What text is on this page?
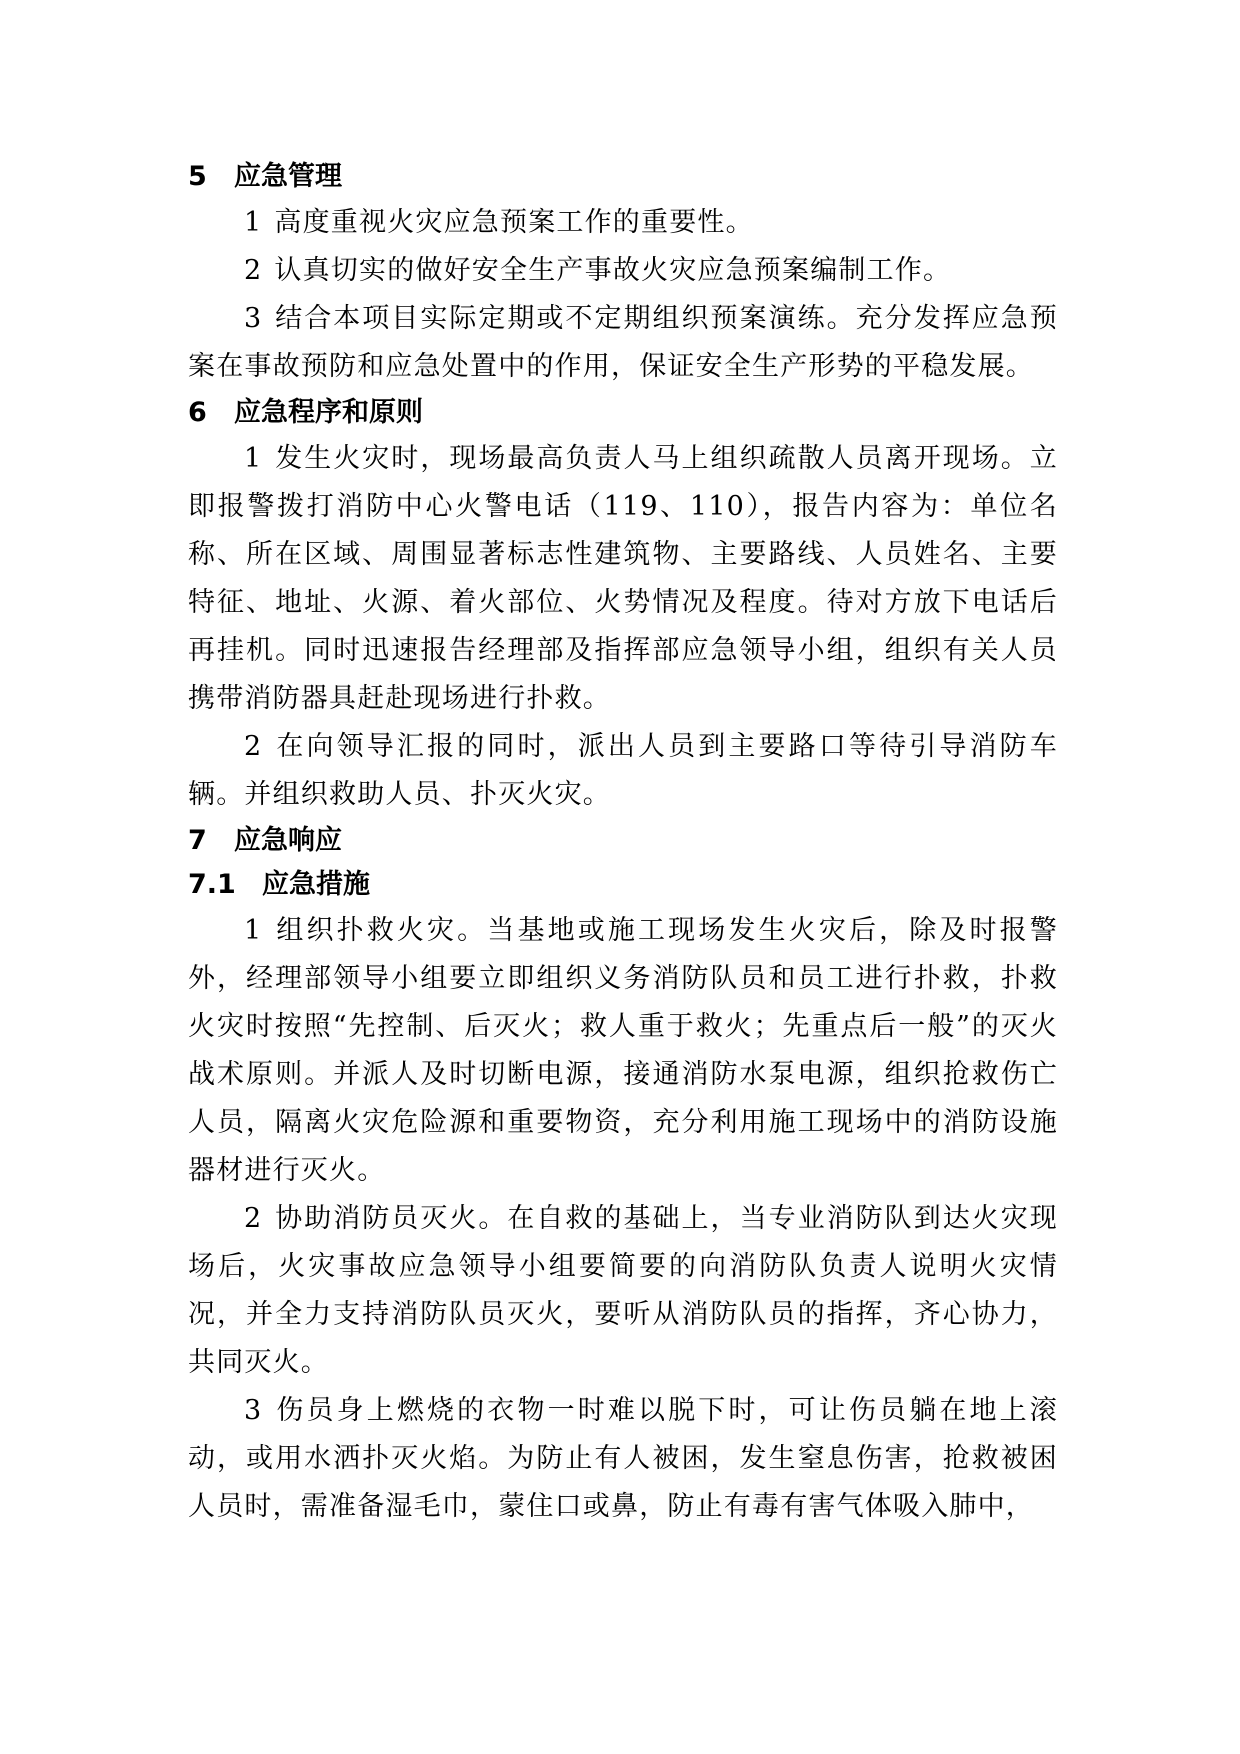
5 应急管理

1 高度重视火灾应急预案工作的重要性。

2 认真切实的做好安全生产事故火灾应急预案编制工作。

3 结合本项目实际定期或不定期组织预案演练。充分发挥应急预案在事故预防和应急处置中的作用，保证安全生产形势的平稳发展。

6 应急程序和原则

1 发生火灾时，现场最高负责人马上组织疏散人员离开现场。立即报警拨打消防中心火警电话（119、110），报告内容为：单位名称、所在区域、周围显著标志性建筑物、主要路线、人员姓名、主要特征、地址、火源、着火部位、火势情况及程度。待对方放下电话后再挂机。同时迅速报告经理部及指挥部应急领导小组，组织有关人员携带消防器具赶赴现场进行扑救。

2 在向领导汇报的同时，派出人员到主要路口等待引导消防车辆。并组织救助人员、扑灭火灾。

7 应急响应
7.1 应急措施

1 组织扑救火灾。当基地或施工现场发生火灾后，除及时报警外，经理部领导小组要立即组织义务消防队员和员工进行扑救，扑救火灾时按照“先控制、后灭火；救人重于救火；先重点后一般”的灭火战术原则。并派人及时切断电源，接通消防水泵电源，组织抢救伤亡人员，隔离火灾危险源和重要物资，充分利用施工现场中的消防设施器材进行灭火。

2 协助消防员灭火。在自救的基础上，当专业消防队到达火灾现场后，火灾事故应急领导小组要简要的向消防队负责人说明火灾情况，并全力支持消防队员灭火，要听从消防队员的指挥，齐心协力，共同灭火。

3 伤员身上燃烧的衣物一时难以脱下时，可让伤员躺在地上滚动，或用水洒扑灭火焰。为防止有人被困，发生窒息伤害，抢救被困人员时，需准备湿毛巾，蒙住口或鼻，防止有毒有害气体吸入肺中，
